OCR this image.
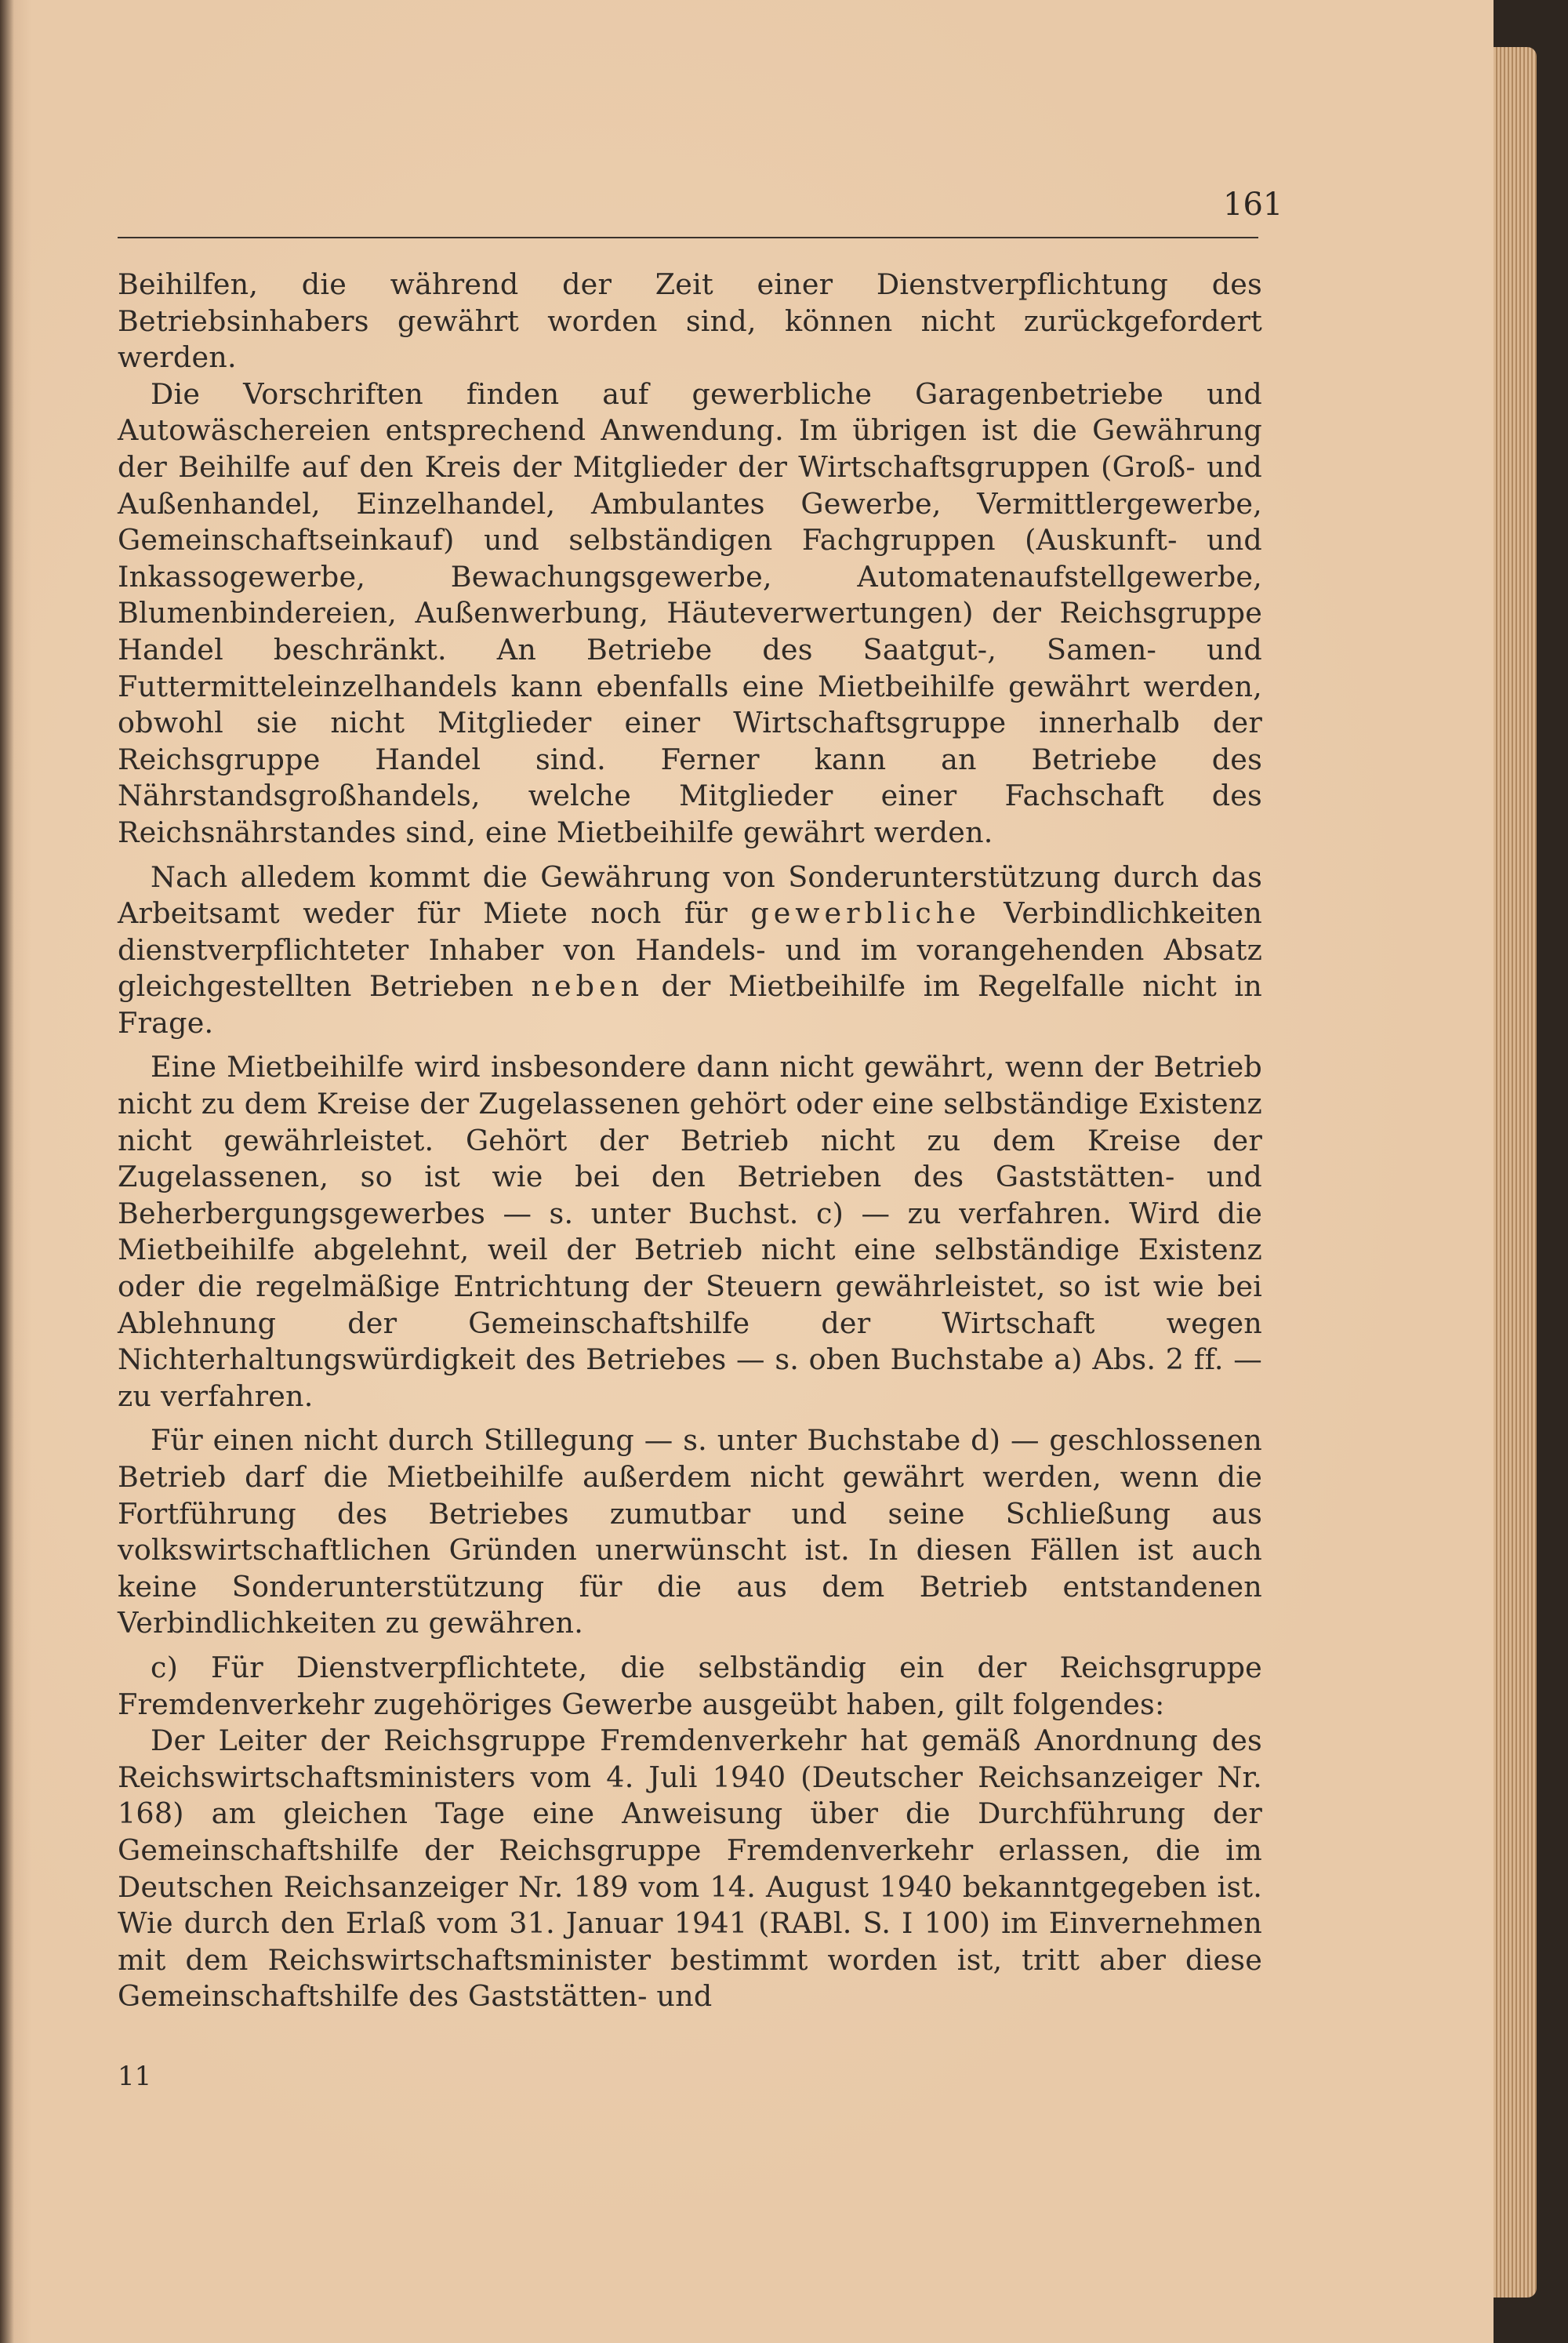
161

Beihilfen, die während der Zeit einer Dienstverpflichtung des Betriebsinhabers gewährt worden sind, können nicht zurückgefordert werden.

Die Vorschriften finden auf gewerbliche Garagenbetriebe und Autowäschereien entsprechend Anwendung. Im übrigen ist die Gewährung der Beihilfe auf den Kreis der Mitglieder der Wirtschaftsgruppen (Groß- und Außenhandel, Einzelhandel, Ambulantes Gewerbe, Vermittlergewerbe, Gemeinschaftseinkauf) und selbständigen Fachgruppen (Auskunft- und Inkassogewerbe, Bewachungsgewerbe, Automatenaufstellgewerbe, Blumenbindereien, Außenwerbung, Häuteverwertungen) der Reichsgruppe Handel beschränkt. An Betriebe des Saatgut-, Samen- und Futtermitteleinzelhandels kann ebenfalls eine Mietbeihilfe gewährt werden, obwohl sie nicht Mitglieder einer Wirtschaftsgruppe innerhalb der Reichsgruppe Handel sind. Ferner kann an Betriebe des Nährstandsgroßhandels, welche Mitglieder einer Fachschaft des Reichsnährstandes sind, eine Mietbeihilfe gewährt werden.

Nach alledem kommt die Gewährung von Sonderunterstützung durch das Arbeitsamt weder für Miete noch für gewerbliche Verbindlichkeiten dienstverpflichteter Inhaber von Handels- und im vorangehenden Absatz gleichgestellten Betrieben neben der Mietbeihilfe im Regelfalle nicht in Frage.

Eine Mietbeihilfe wird insbesondere dann nicht gewährt, wenn der Betrieb nicht zu dem Kreise der Zugelassenen gehört oder eine selbständige Existenz nicht gewährleistet. Gehört der Betrieb nicht zu dem Kreise der Zugelassenen, so ist wie bei den Betrieben des Gaststätten- und Beherbergungsgewerbes — s. unter Buchst. c) — zu verfahren. Wird die Mietbeihilfe abgelehnt, weil der Betrieb nicht eine selbständige Existenz oder die regelmäßige Entrichtung der Steuern gewährleistet, so ist wie bei Ablehnung der Gemeinschaftshilfe der Wirtschaft wegen Nichterhaltungswürdigkeit des Betriebes — s. oben Buchstabe a) Abs. 2 ff. — zu verfahren.

Für einen nicht durch Stillegung — s. unter Buchstabe d) — geschlossenen Betrieb darf die Mietbeihilfe außerdem nicht gewährt werden, wenn die Fortführung des Betriebes zumutbar und seine Schließung aus volkswirtschaftlichen Gründen unerwünscht ist. In diesen Fällen ist auch keine Sonderunterstützung für die aus dem Betrieb entstandenen Verbindlichkeiten zu gewähren.

c) Für Dienstverpflichtete, die selbständig ein der Reichsgruppe Fremdenverkehr zugehöriges Gewerbe ausgeübt haben, gilt folgendes:

Der Leiter der Reichsgruppe Fremdenverkehr hat gemäß Anordnung des Reichswirtschaftsministers vom 4. Juli 1940 (Deutscher Reichsanzeiger Nr. 168) am gleichen Tage eine Anweisung über die Durchführung der Gemeinschaftshilfe der Reichsgruppe Fremdenverkehr erlassen, die im Deutschen Reichsanzeiger Nr. 189 vom 14. August 1940 bekanntgegeben ist. Wie durch den Erlaß vom 31. Januar 1941 (RABl. S. I 100) im Einvernehmen mit dem Reichswirtschaftsminister bestimmt worden ist, tritt aber diese Gemeinschaftshilfe des Gaststätten- und

11
